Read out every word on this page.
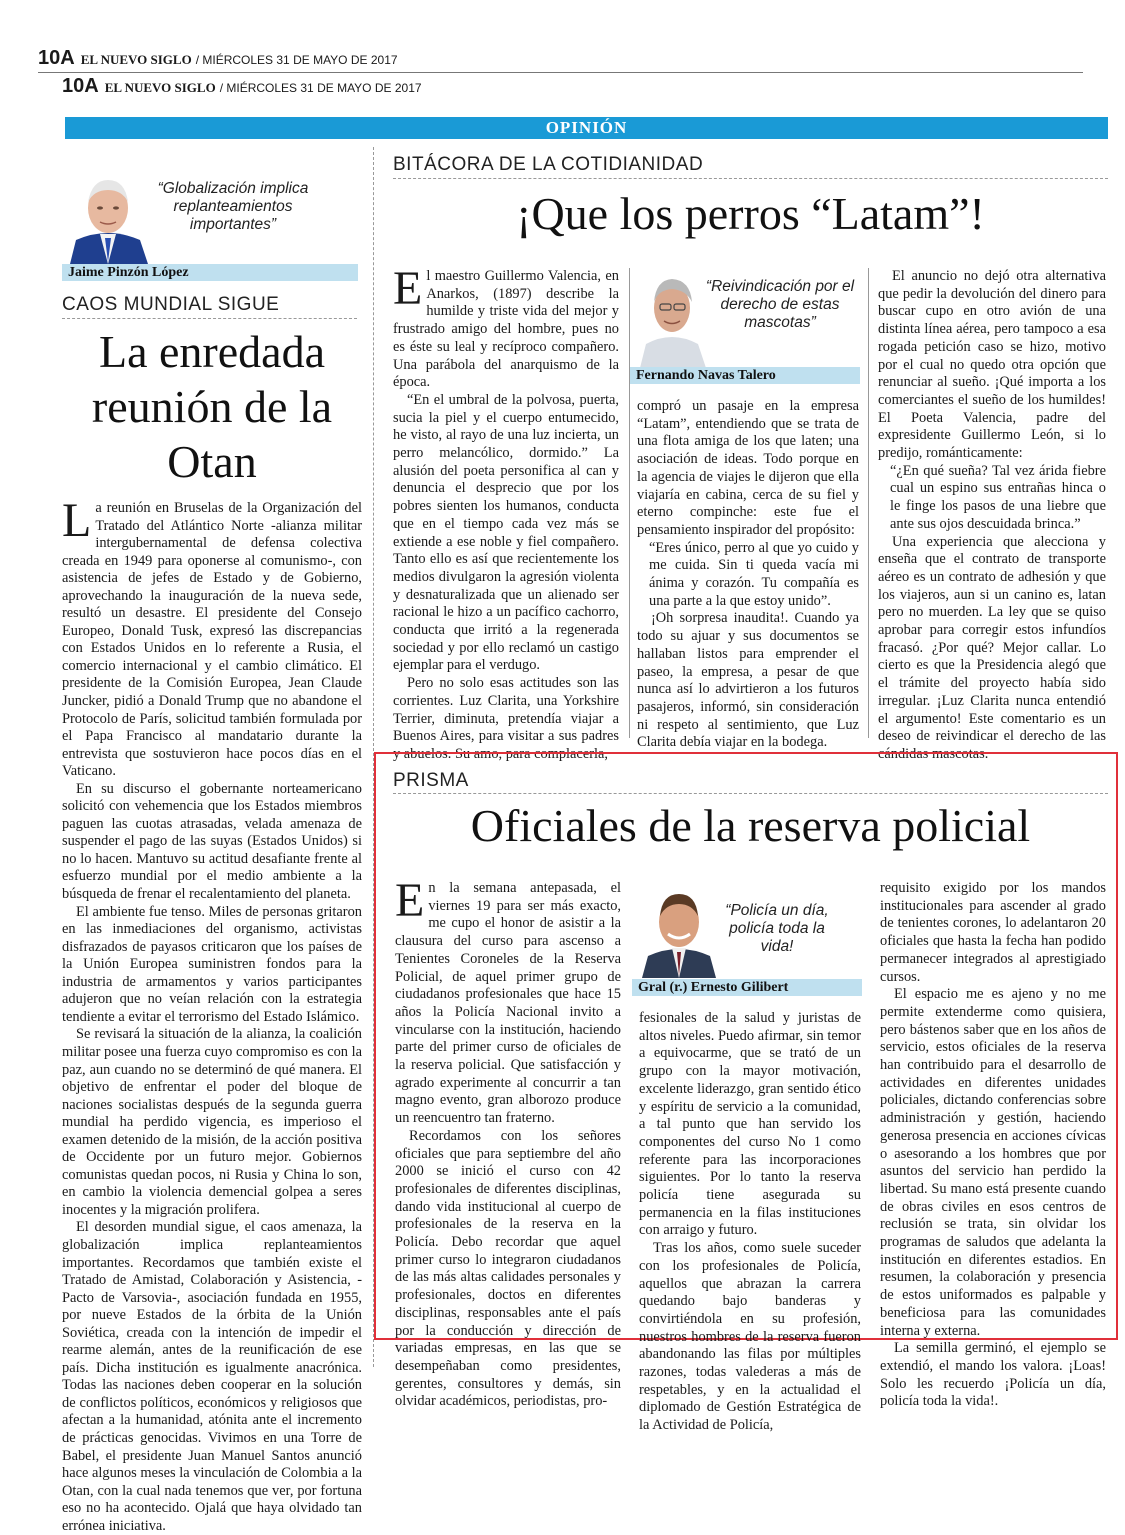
10A EL NUEVO SIGLO / MIÉRCOLES 31 DE MAYO DE 2017
10A EL NUEVO SIGLO / MIÉRCOLES 31 DE MAYO DE 2017
OPINIÓN
“Globalización implica replanteamientos importantes”
Jaime Pinzón López
CAOS MUNDIAL SIGUE
La enredada reunión de la Otan

La reunión en Bruselas de la Organización del Tratado del Atlántico Norte -alianza militar intergubernamental de defensa colectiva creada en 1949 para oponerse al comunismo-, con asistencia de jefes de Estado y de Gobierno, aprovechando la inauguración de la nueva sede, resultó un desastre. El presidente del Consejo Europeo, Donald Tusk, expresó las discrepancias con Estados Unidos en lo referente a Rusia, el comercio internacional y el cambio climático. El presidente de la Comisión Europea, Jean Claude Juncker, pidió a Donald Trump que no abandone el Protocolo de París, solicitud también formulada por el Papa Francisco al mandatario durante la entrevista que sostuvieron hace pocos días en el Vaticano.

En su discurso el gobernante norteamericano solicitó con vehemencia que los Estados miembros paguen las cuotas atrasadas, velada amenaza de suspender el pago de las suyas (Estados Unidos) si no lo hacen. Mantuvo su actitud desafiante frente al esfuerzo mundial por el medio ambiente a la búsqueda de frenar el recalentamiento del planeta.

El ambiente fue tenso. Miles de personas gritaron en las inmediaciones del organismo, activistas disfrazados de payasos criticaron que los países de la Unión Europea suministren fondos para la industria de armamentos y varios participantes adujeron que no veían relación con la estrategia tendiente a evitar el terrorismo del Estado Islámico.

Se revisará la situación de la alianza, la coalición militar posee una fuerza cuyo compromiso es con la paz, aun cuando no se determinó de qué manera. El objetivo de enfrentar el poder del bloque de naciones socialistas después de la segunda guerra mundial ha perdido vigencia, es imperioso el examen detenido de la misión, de la acción positiva de Occidente por un futuro mejor. Gobiernos comunistas quedan pocos, ni Rusia y China lo son, en cambio la violencia demencial golpea a seres inocentes y la migración prolifera.

El desorden mundial sigue, el caos amenaza, la globalización implica replanteamientos importantes. Recordamos que también existe el Tratado de Amistad, Colaboración y Asistencia, -Pacto de Varsovia-, asociación fundada en 1955, por nueve Estados de la órbita de la Unión Soviética, creada con la intención de impedir el rearme alemán, antes de la reunificación de ese país. Dicha institución es igualmente anacrónica. Todas las naciones deben cooperar en la solución de conflictos políticos, económicos y religiosos que afectan a la humanidad, atónita ante el incremento de prácticas genocidas. Vivimos en una Torre de Babel, el presidente Juan Manuel Santos anunció hace algunos meses la vinculación de Colombia a la Otan, con la cual nada tenemos que ver, por fortuna eso no ha acontecido. Ojalá que haya olvidado tan errónea iniciativa.

BITÁCORA DE LA COTIDIANIDAD
¡Que los perros “Latam”!

El maestro Guillermo Valencia, en Anarkos, (1897) describe la humilde y triste vida del mejor y frustrado amigo del hombre, pues no es éste su leal y recíproco compañero. Una parábola del anarquismo de la época.

“En el umbral de la polvosa, puerta, sucia la piel y el cuerpo entumecido, he visto, al rayo de una luz incierta, un perro melancólico, dormido.” La alusión del poeta personifica al can y denuncia el desprecio que por los pobres sienten los humanos, conducta que en el tiempo cada vez más se extiende a ese noble y fiel compañero. Tanto ello es así que recientemente los medios divulgaron la agresión violenta y desnaturalizada que un alienado ser racional le hizo a un pacífico cachorro, conducta que irritó a la regenerada sociedad y por ello reclamó un castigo ejemplar para el verdugo.

Pero no solo esas actitudes son las corrientes. Luz Clarita, una Yorkshire Terrier, diminuta, pretendía viajar a Buenos Aires, para visitar a sus padres y abuelos. Su amo, para complacerla,

“Reivindicación por el derecho de estas mascotas”
Fernando Navas Talero

compró un pasaje en la empresa “Latam”, entendiendo que se trata de una flota amiga de los que laten; una asociación de ideas. Todo porque en la agencia de viajes le dijeron que ella viajaría en cabina, cerca de su fiel y eterno compinche: este fue el pensamiento inspirador del propósito:

“Eres único, perro al que yo cuido y me cuida. Sin ti queda vacía mi ánima y corazón. Tu compañía es una parte a la que estoy unido”.

¡Oh sorpresa inaudita!. Cuando ya todo su ajuar y sus documentos se hallaban listos para emprender el paseo, la empresa, a pesar de que nunca así lo advirtieron a los futuros pasajeros, informó, sin consideración ni respeto al sentimiento, que Luz Clarita debía viajar en la bodega.

El anuncio no dejó otra alternativa que pedir la devolución del dinero para buscar cupo en otro avión de una distinta línea aérea, pero tampoco a esa rogada petición caso se hizo, motivo por el cual no quedo otra opción que renunciar al sueño. ¡Qué importa a los comerciantes el sueño de los humildes! El Poeta Valencia, padre del expresidente Guillermo León, si lo predijo, románticamente:

“¿En qué sueña? Tal vez árida fiebre cual un espino sus entrañas hinca o le finge los pasos de una liebre que ante sus ojos descuidada brinca.”

Una experiencia que alecciona y enseña que el contrato de transporte aéreo es un contrato de adhesión y que los viajeros, aun si un canino es, latan pero no muerden. La ley que se quiso aprobar para corregir estos infundíos fracasó. ¿Por qué? Mejor callar. Lo cierto es que la Presidencia alegó que el trámite del proyecto había sido irregular. ¡Luz Clarita nunca entendió el argumento! Este comentario es un deseo de reivindicar el derecho de las cándidas mascotas.

PRISMA
Oficiales de la reserva policial

En la semana antepasada, el viernes 19 para ser más exacto, me cupo el honor de asistir a la clausura del curso para ascenso a Tenientes Coroneles de la Reserva Policial, de aquel primer grupo de ciudadanos profesionales que hace 15 años la Policía Nacional invito a vincularse con la institución, haciendo parte del primer curso de oficiales de la reserva policial. Que satisfacción y agrado experimente al concurrir a tan magno evento, gran alborozo produce un reencuentro tan fraterno.

Recordamos con los señores oficiales que para septiembre del año 2000 se inició el curso con 42 profesionales de diferentes disciplinas, dando vida institucional al cuerpo de profesionales de la reserva en la Policía. Debo recordar que aquel primer curso lo integraron ciudadanos de las más altas calidades personales y profesionales, doctos en diferentes disciplinas, responsables ante el país por la conducción y dirección de variadas empresas, en las que se desempeñaban como presidentes, gerentes, consultores y demás, sin olvidar académicos, periodistas, pro-

“Policía un día, policía toda la vida!
Gral (r.) Ernesto Gilibert

fesionales de la salud y juristas de altos niveles. Puedo afirmar, sin temor a equivocarme, que se trató de un grupo con la mayor motivación, excelente liderazgo, gran sentido ético y espíritu de servicio a la comunidad, a tal punto que han servido los componentes del curso No 1 como referente para las incorporaciones siguientes. Por lo tanto la reserva policía tiene asegurada su permanencia en la filas instituciones con arraigo y futuro.

Tras los años, como suele suceder con los profesionales de Policía, aquellos que abrazan la carrera quedando bajo banderas y convirtiéndola en su profesión, nuestros hombres de la reserva fueron abandonando las filas por múltiples razones, todas valederas a más de respetables, y en la actualidad el diplomado de Gestión Estratégica de la Actividad de Policía,

requisito exigido por los mandos institucionales para ascender al grado de tenientes corones, lo adelantaron 20 oficiales que hasta la fecha han podido permanecer integrados al aprestigiado cursos.

El espacio me es ajeno y no me permite extenderme como quisiera, pero bástenos saber que en los años de servicio, estos oficiales de la reserva han contribuido para el desarrollo de actividades en diferentes unidades policiales, dictando conferencias sobre administración y gestión, haciendo generosa presencia en acciones cívicas o asesorando a los hombres que por asuntos del servicio han perdido la libertad. Su mano está presente cuando de obras civiles en esos centros de reclusión se trata, sin olvidar los programas de saludos que adelanta la institución en diferentes estadios. En resumen, la colaboración y presencia de estos uniformados es palpable y beneficiosa para las comunidades interna y externa.

La semilla germinó, el ejemplo se extendió, el mando los valora. ¡Loas! Solo les recuerdo ¡Policía un día, policía toda la vida!.
